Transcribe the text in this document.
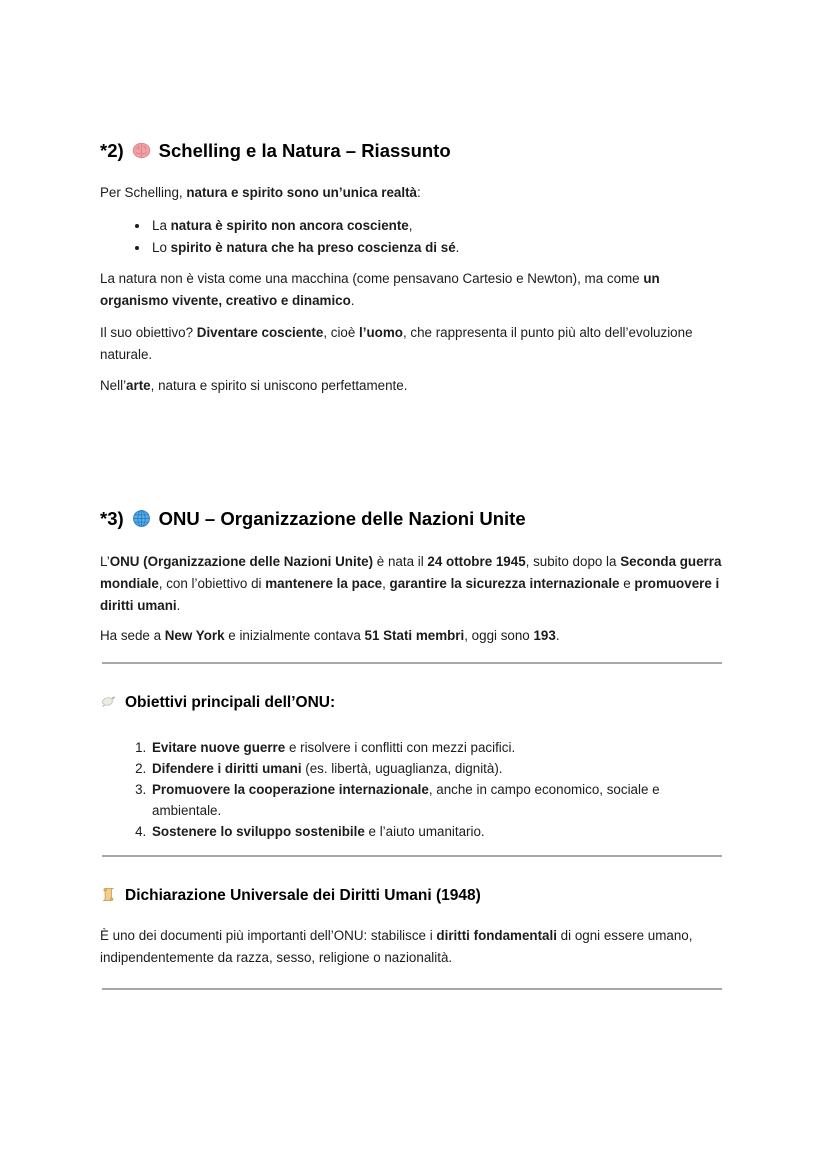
*2) Schelling e la Natura – Riassunto

Per Schelling, natura e spirito sono un’unica realtà:

• La natura è spirito non ancora cosciente,
• Lo spirito è natura che ha preso coscienza di sé.

La natura non è vista come una macchina (come pensavano Cartesio e Newton), ma come un organismo vivente, creativo e dinamico.

Il suo obiettivo? Diventare cosciente, cioè l’uomo, che rappresenta il punto più alto dell’evoluzione naturale.

Nell’arte, natura e spirito si uniscono perfettamente.

*3) ONU – Organizzazione delle Nazioni Unite

L’ONU (Organizzazione delle Nazioni Unite) è nata il 24 ottobre 1945, subito dopo la Seconda guerra mondiale, con l’obiettivo di mantenere la pace, garantire la sicurezza internazionale e promuovere i diritti umani.

Ha sede a New York e inizialmente contava 51 Stati membri, oggi sono 193.

Obiettivi principali dell’ONU:
1. Evitare nuove guerre e risolvere i conflitti con mezzi pacifici.
2. Difendere i diritti umani (es. libertà, uguaglianza, dignità).
3. Promuovere la cooperazione internazionale, anche in campo economico, sociale e ambientale.
4. Sostenere lo sviluppo sostenibile e l’aiuto umanitario.
Dichiarazione Universale dei Diritti Umani (1948)

È uno dei documenti più importanti dell’ONU: stabilisce i diritti fondamentali di ogni essere umano, indipendentemente da razza, sesso, religione o nazionalità.
